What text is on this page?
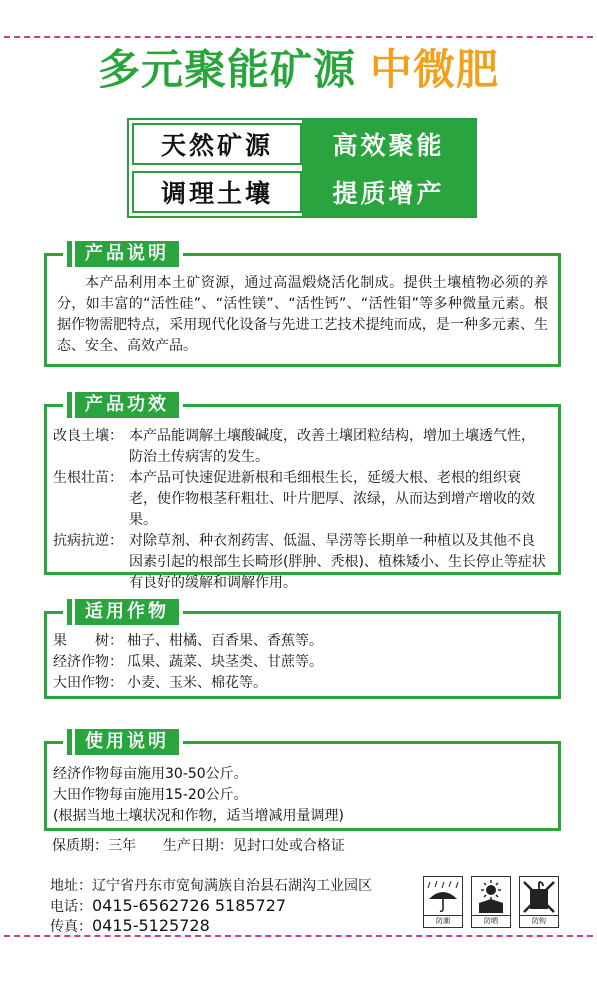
多元聚能矿源 中微肥
天然矿源	高效聚能
调理土壤	提质增产
产品说明

本产品利用本土矿资源，通过高温煅烧活化制成。提供土壤植物必须的养分，如丰富的“活性硅”、“活性镁”、“活性钙”、“活性钼”等多种微量元素。根据作物需肥特点，采用现代化设备与先进工艺技术提纯而成，是一种多元素、生态、安全、高效产品。

产品功效
改良土壤： 本产品能调解土壤酸碱度，改善土壤团粒结构，增加土壤透气性，防治土传病害的发生。
生根壮苗： 本产品可快速促进新根和毛细根生长，延缓大根、老根的组织衰老，使作物根茎秆粗壮、叶片肥厚、浓绿，从而达到增产增收的效果。
抗病抗逆： 对除草剂、种衣剂药害、低温、旱涝等长期单一种植以及其他不良因素引起的根部生长畸形(胖肿、秃根)、植株矮小、生长停止等症状有良好的缓解和调解作用。
适用作物
果　　树： 柚子、柑橘、百香果、香蕉等。
经济作物： 瓜果、蔬菜、块茎类、甘蔗等。
大田作物： 小麦、玉米、棉花等。
使用说明
经济作物每亩施用30-50公斤。
大田作物每亩施用15-20公斤。
(根据当地土壤状况和作物，适当增减用量调理)
保质期：三年 生产日期：见封口处或合格证
地址：辽宁省丹东市宽甸满族自治县石湖沟工业园区
电话：0415-6562726 5185727
传真：0415-5125728	防潮	防晒	防钩
